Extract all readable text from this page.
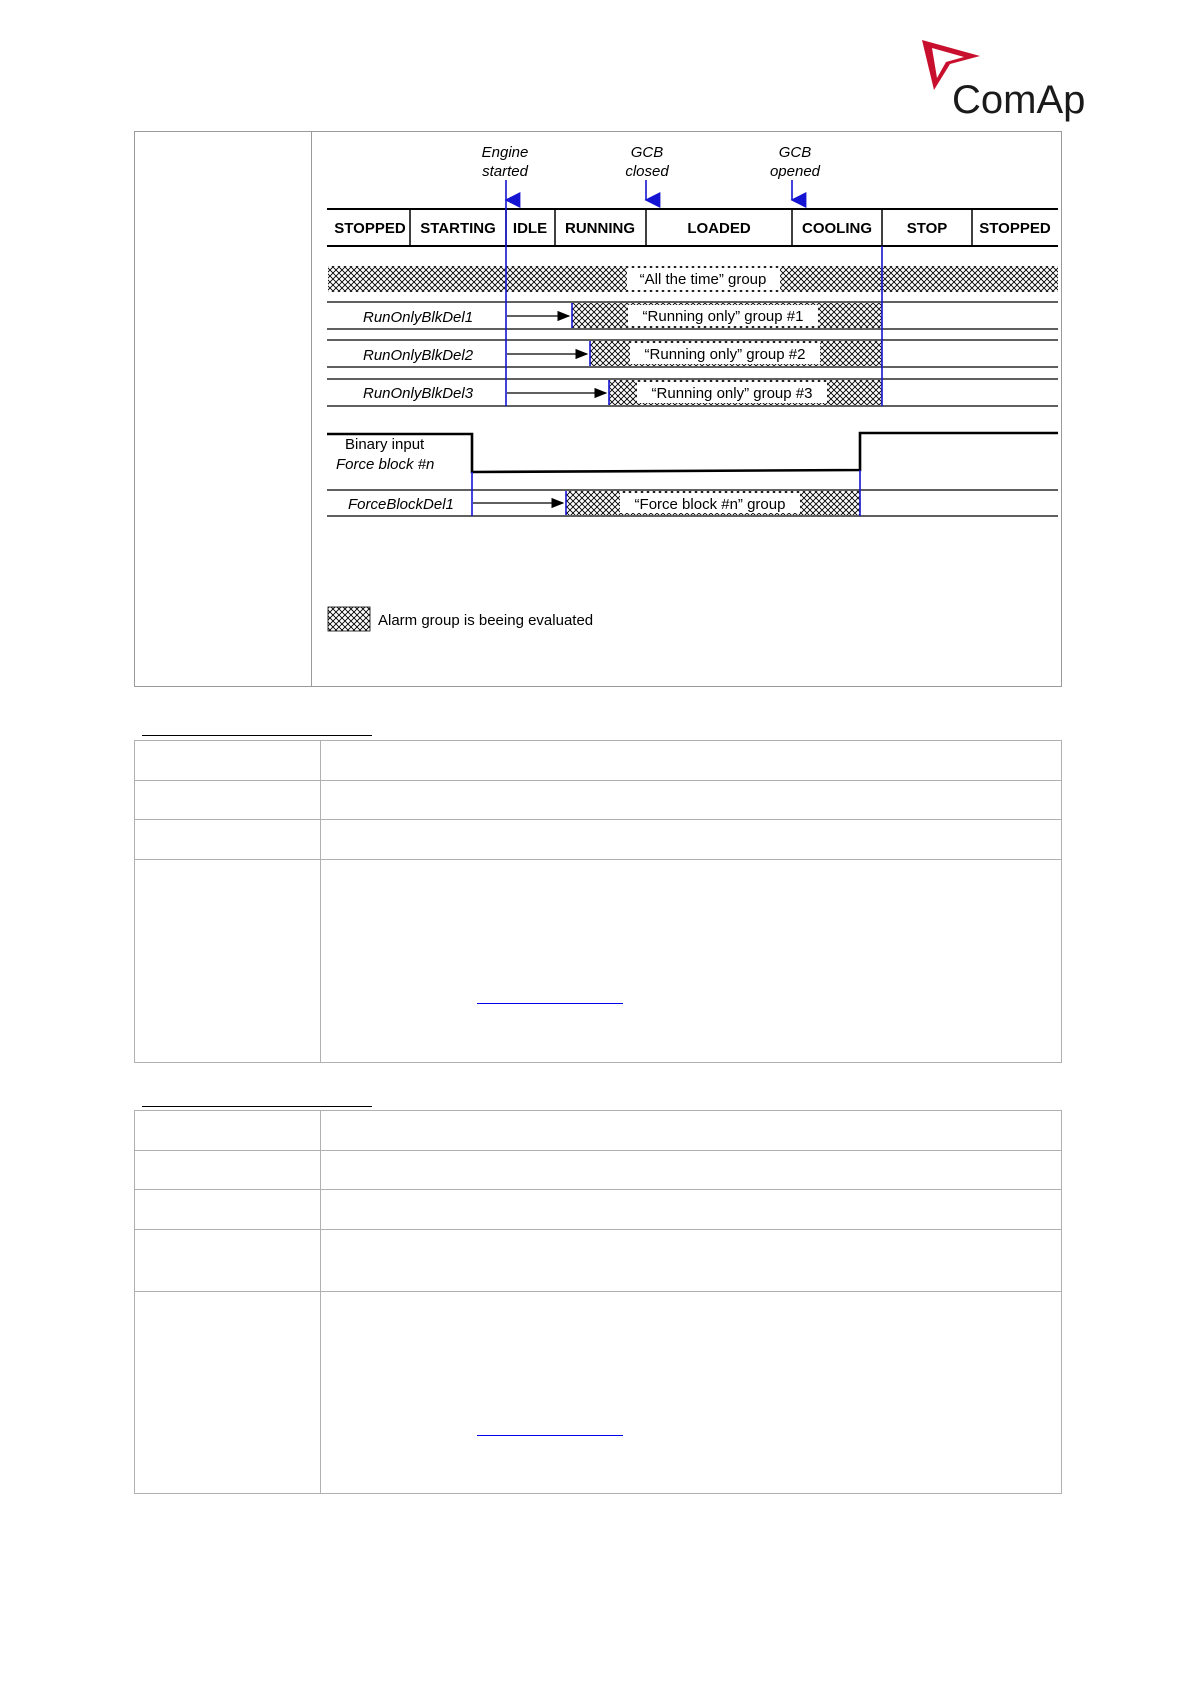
ComAp
Engine
started
GCB
closed
GCB
opened
STOPPED STARTING IDLE RUNNING	LOADED	COOLING STOP STOPPED
“All the time” group
RunOnlyBlkDel1
RunOnlyBlkDel2
RunOnlyBlkDel3
“Running only” group #1
“Running only” group #2
“Running only” group #3
Binary input
Force block #n
ForceBlockDel1	“Force block #n” group
Alarm group is beeing evaluated
